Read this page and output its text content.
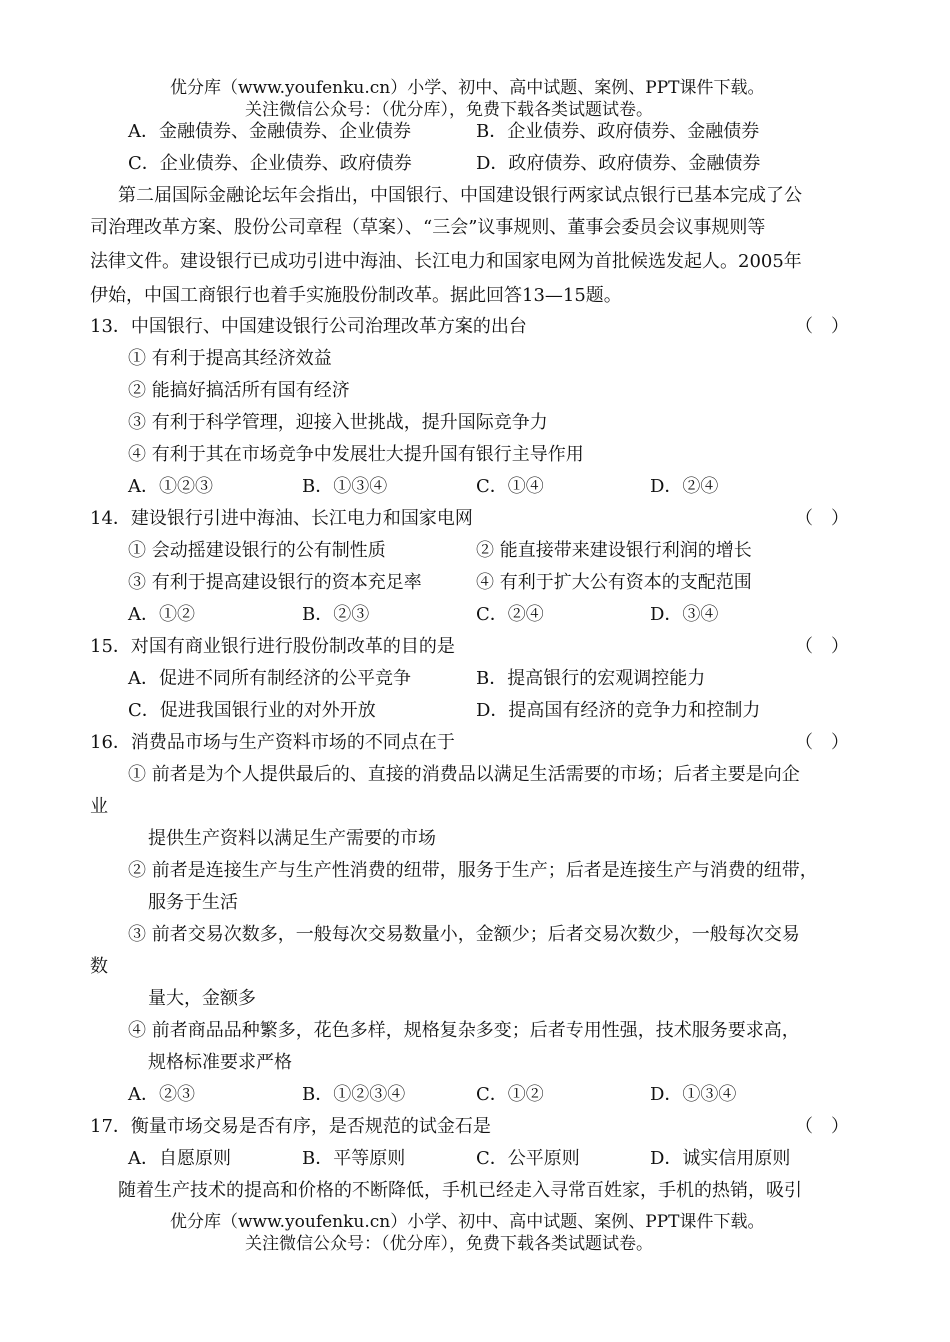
优分库（www.youfenku.cn）小学、初中、高中试题、案例、PPT课件下载。
关注微信公众号：（优分库），免费下载各类试题试卷。
A．金融债券、金融债券、企业债券	B．企业债券、政府债券、金融债券
C．企业债券、企业债券、政府债券	D．政府债券、政府债券、金融债券
第二届国际金融论坛年会指出，中国银行、中国建设银行两家试点银行已基本完成了公
司治理改革方案、股份公司章程（草案）、“三会”议事规则、董事会委员会议事规则等
法律文件。建设银行已成功引进中海油、长江电力和国家电网为首批候选发起人。2005年
伊始，中国工商银行也着手实施股份制改革。据此回答13—15题。
13．中国银行、中国建设银行公司治理改革方案的出台	（　）
① 有利于提高其经济效益
② 能搞好搞活所有国有经济
③ 有利于科学管理，迎接入世挑战，提升国际竞争力
④ 有利于其在市场竞争中发展壮大提升国有银行主导作用
A．①②③	B．①③④	C．①④	D．②④
14．建设银行引进中海油、长江电力和国家电网	（　）
① 会动摇建设银行的公有制性质	② 能直接带来建设银行利润的增长
③ 有利于提高建设银行的资本充足率	④ 有利于扩大公有资本的支配范围
A．①②	B．②③	C．②④	D．③④
15．对国有商业银行进行股份制改革的目的是	（　）
A．促进不同所有制经济的公平竞争	B．提高银行的宏观调控能力
C．促进我国银行业的对外开放	D．提高国有经济的竞争力和控制力
16．消费品市场与生产资料市场的不同点在于	（　）
① 前者是为个人提供最后的、直接的消费品以满足生活需要的市场；后者主要是向企
业
提供生产资料以满足生产需要的市场
② 前者是连接生产与生产性消费的纽带，服务于生产；后者是连接生产与消费的纽带，
服务于生活
③ 前者交易次数多，一般每次交易数量小，金额少；后者交易次数少，一般每次交易
数
量大，金额多
④ 前者商品品种繁多，花色多样，规格复杂多变；后者专用性强，技术服务要求高，
规格标准要求严格
A．②③	B．①②③④	C．①②	D．①③④
17．衡量市场交易是否有序，是否规范的试金石是	（　）
A．自愿原则	B．平等原则	C．公平原则	D．诚实信用原则
随着生产技术的提高和价格的不断降低，手机已经走入寻常百姓家，手机的热销，吸引
优分库（www.youfenku.cn）小学、初中、高中试题、案例、PPT课件下载。
关注微信公众号：（优分库），免费下载各类试题试卷。
